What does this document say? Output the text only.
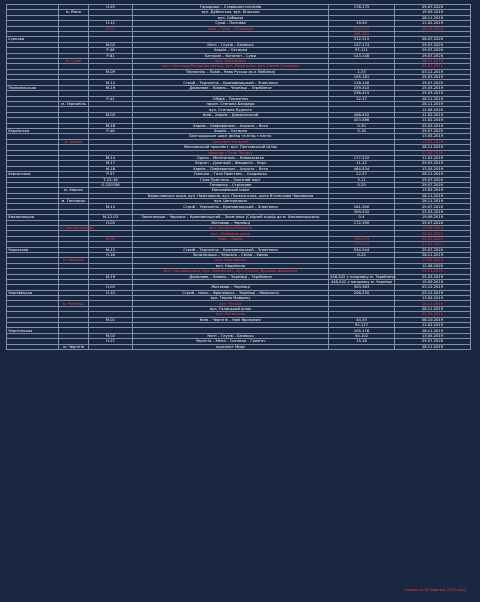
		Н-25	Городище – Староконстянтинів	178-175	29.07.2020
	м. Рівне		вул. Дубенська, вул. Біласька		19.09.2019
			вул. Соборна		28.11.2019
		Н-12	Суми – Полтава	19-55	11.02.2019
		Н-07	Київ – Суми – Юнаківка	202-273	28.07.2020
				281-301	
Сумська				312-315	28.07.2020
		М-02	Кіпті – Глухів – Бачівськ	147-174	29.07.2020
		Р-46	Харків – Охтирка	97-111	29.07.2020
		Р-61	Батурин – Конотоп – Суми	143-148	29.07.2020
	м. Суми		вул. Харківська		28.11.2019
			вул. Іллінська/Петропавлівська, вул. Роменська, вул. Героїв Сумщини		22.01.2021
		М-09	Тернопіль – Львів – Рава Руська (м-н Любліна)	1-33	03.12.2019
				105-181	25.03.2019
		М-12	Стрий – Тернопіль – Кропивницький – Знам'янка	128-140	29.07.2020
Тернопільська		М-19	Доманове – Ковель – Чернівці – Тереблече	239-310	25.03.2019
				236-415	25.03.2019
		Р-41	Обідів – Тернопіль	12-37	28.11.2019
	м. Тернопіль		просп. Степана Бандери		28.11.2019
			вул. Степана Будного		12.06.2020
		М-03	Київ – Харків – Довжанський	408-452	11.02.2019
				453-586	11.02.2019
		М-18	Харків – Сімферополь – Алушта – Ялта	0-30	25.03.2019
Харківська		Р-46	Харків – Охтирка	5-16	29.07.2020
			Бєлгородське шосе (виїзд та в'їзд з міста)		13.05.2019
	м. Харків		проспект Гагаріна		11.02.2019
			Московський проспект, вул. Полтавський Шлях		28.11.2019
			проспект Льва Ландау		22.01.2021
		М-14	Одеса – Мелітополь – Новоазовськ	177-222	11.02.2019
		М-17	Херсон – Джанкой – Феодосія – Керч	11-22	29.03.2019
		М-18	Харків – Сімферополь – Алушта – Ялта	464-534	13.05.2019
Херсонська		Р-57	Олешки – Гола Пристань – Скадовськ	22-27	28.11.2019
		Т-22-16	Гола Пристань – Залізний порт	3-11	29.07.2020
		О-220706	Гнилиськ – Стрілкове	0-20	29.07.2020
	м. Херсон		Миколаївське шосе		13.05.2019
			Бериславське шосе, вул. Нафтовиків, вул. Перекопська, шосе В'ячеслава Чорновола		28.11.2019
	м. Генічеськ		вул. Центральна		28.11.2019
		М-12	Стрий – Тернопіль – Кропивницький – Знам'янка	181-300	29.07.2020
				309-332	25.03.2019
Хмельницька		М-12-03	Золотоноша – Черкаси – Кропивницький – Знам'янка (Східний підхід до м. Хмельницького)	0-4	19.09.2019
		Н-03	Житомир – Чернівці	172-390	29.07.2020
	м. Хмельницький		вул. Західно-Окружна		19.09.2019
			вул. Львівське шосе		22.01.2021
		М-05	Київ – Одеса	158-179	22.01.2021
				179-207	22.01.2021
Черкаська		М-12	Стрий – Тернопіль – Кропивницький – Знам'янка	534-544	29.07.2020
		Н-16	Золотоноша – Черкаси – Сміла – Умань	0-25	28.11.2019
	м. Черкаси		вул. Благовісна		13.05.2019
			вул. Надпільна		12.06.2020
			вул. Грушевського, вул. Смілянська, вул. Гоголя, бульвар Шевченка		22.01.2021
		М-19	Доманове – Ковель – Чернівці – Тереблече	448-542 у напрямку м. Тереблече	25.03.2019
				448-542 у напрямку м. Чернівці	19.09.2019
		Н-03	Житомир – Чернівці	303-363	03.12.2019
Чернівецька		Н-10	Стрий – Івано – Франківськ – Чернівці – Мамалига	208-250	03.12.2019
			вул. Героїв Майдану		13.05.2019
	м. Чернівці		вул. Руська		28.11.2019
			вул. Галицький шлях		28.11.2019
			вул. Хотинська		22.01.2021
		М-01	Київ – Чернігів – Нові Яриловичі	44-55	08.10.2019
				92-117	11.02.2019
Чернігівська				105-176	28.11.2019
		М-02	Кіпті – Глухів – Бачівськ	50-102	13.05.2019
		Н-27	Чернігів – Мена – Сосниця – Грем'яч	15-18	29.07.2020
	м. Чернігів		проспект Миру		28.11.2019
станом на 22 березня 2021 року
